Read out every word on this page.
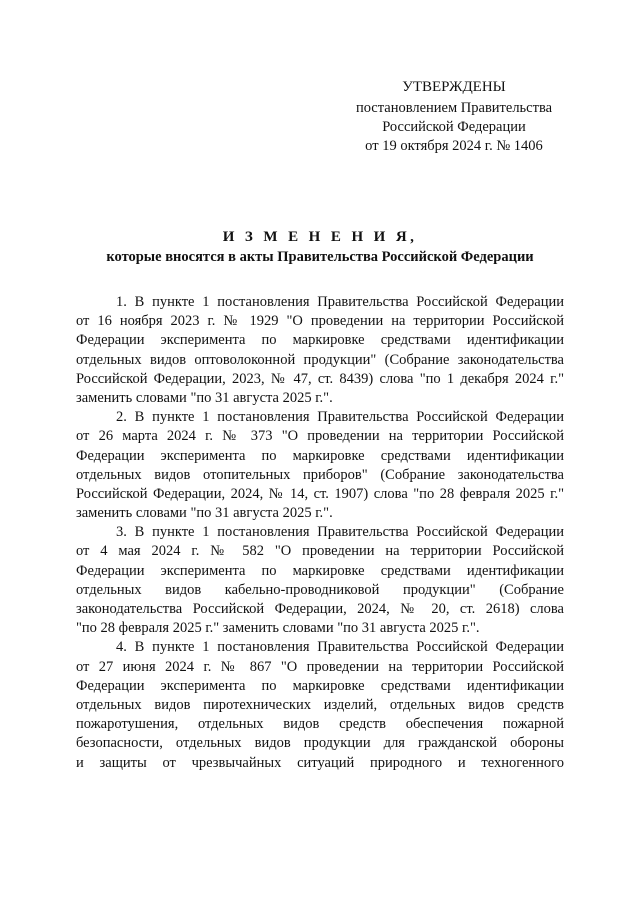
УТВЕРЖДЕНЫ
постановлением Правительства
Российской Федерации
от 19 октября 2024 г. № 1406
И З М Е Н Е Н И Я,
которые вносятся в акты Правительства Российской Федерации
1. В пункте 1 постановления Правительства Российской Федерации
от 16 ноября 2023 г. № 1929 "О проведении на территории Российской
Федерации эксперимента по маркировке средствами идентификации
отдельных видов оптоволоконной продукции" (Собрание законодательства
Российской Федерации, 2023, № 47, ст. 8439) слова "по 1 декабря 2024 г."
заменить словами "по 31 августа 2025 г.".
2. В пункте 1 постановления Правительства Российской Федерации
от 26 марта 2024 г. № 373 "О проведении на территории Российской
Федерации эксперимента по маркировке средствами идентификации
отдельных видов отопительных приборов" (Собрание законодательства
Российской Федерации, 2024, № 14, ст. 1907) слова "по 28 февраля 2025 г."
заменить словами "по 31 августа 2025 г.".
3. В пункте 1 постановления Правительства Российской Федерации
от 4 мая 2024 г. № 582 "О проведении на территории Российской
Федерации эксперимента по маркировке средствами идентификации
отдельных видов кабельно-проводниковой продукции" (Собрание
законодательства Российской Федерации, 2024, № 20, ст. 2618) слова
"по 28 февраля 2025 г." заменить словами "по 31 августа 2025 г.".
4. В пункте 1 постановления Правительства Российской Федерации
от 27 июня 2024 г. № 867 "О проведении на территории Российской
Федерации эксперимента по маркировке средствами идентификации
отдельных видов пиротехнических изделий, отдельных видов средств
пожаротушения, отдельных видов средств обеспечения пожарной
безопасности, отдельных видов продукции для гражданской обороны
и защиты от чрезвычайных ситуаций природного и техногенного
